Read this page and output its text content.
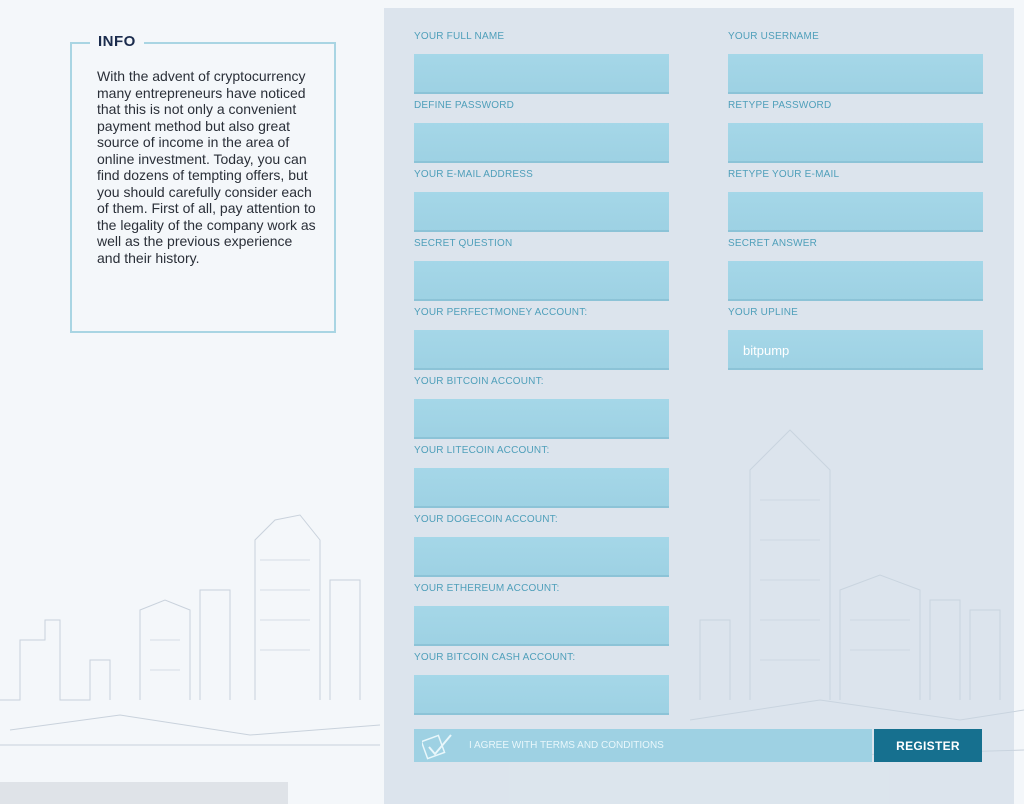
INFO
With the advent of cryptocurrency many entrepreneurs have noticed that this is not only a convenient payment method but also great source of income in the area of online investment. Today, you can find dozens of tempting offers, but you should carefully consider each of them. First of all, pay attention to the legality of the company work as well as the previous experience and their history.
YOUR FULL NAME
DEFINE PASSWORD
YOUR E-MAIL ADDRESS
SECRET QUESTION
YOUR PERFECTMONEY ACCOUNT:
YOUR BITCOIN ACCOUNT:
YOUR LITECOIN ACCOUNT:
YOUR DOGECOIN ACCOUNT:
YOUR ETHEREUM ACCOUNT:
YOUR BITCOIN CASH ACCOUNT:
YOUR USERNAME
RETYPE PASSWORD
RETYPE YOUR E-MAIL
SECRET ANSWER
YOUR UPLINE
bitpump
I AGREE WITH TERMS AND CONDITIONS	REGISTER
